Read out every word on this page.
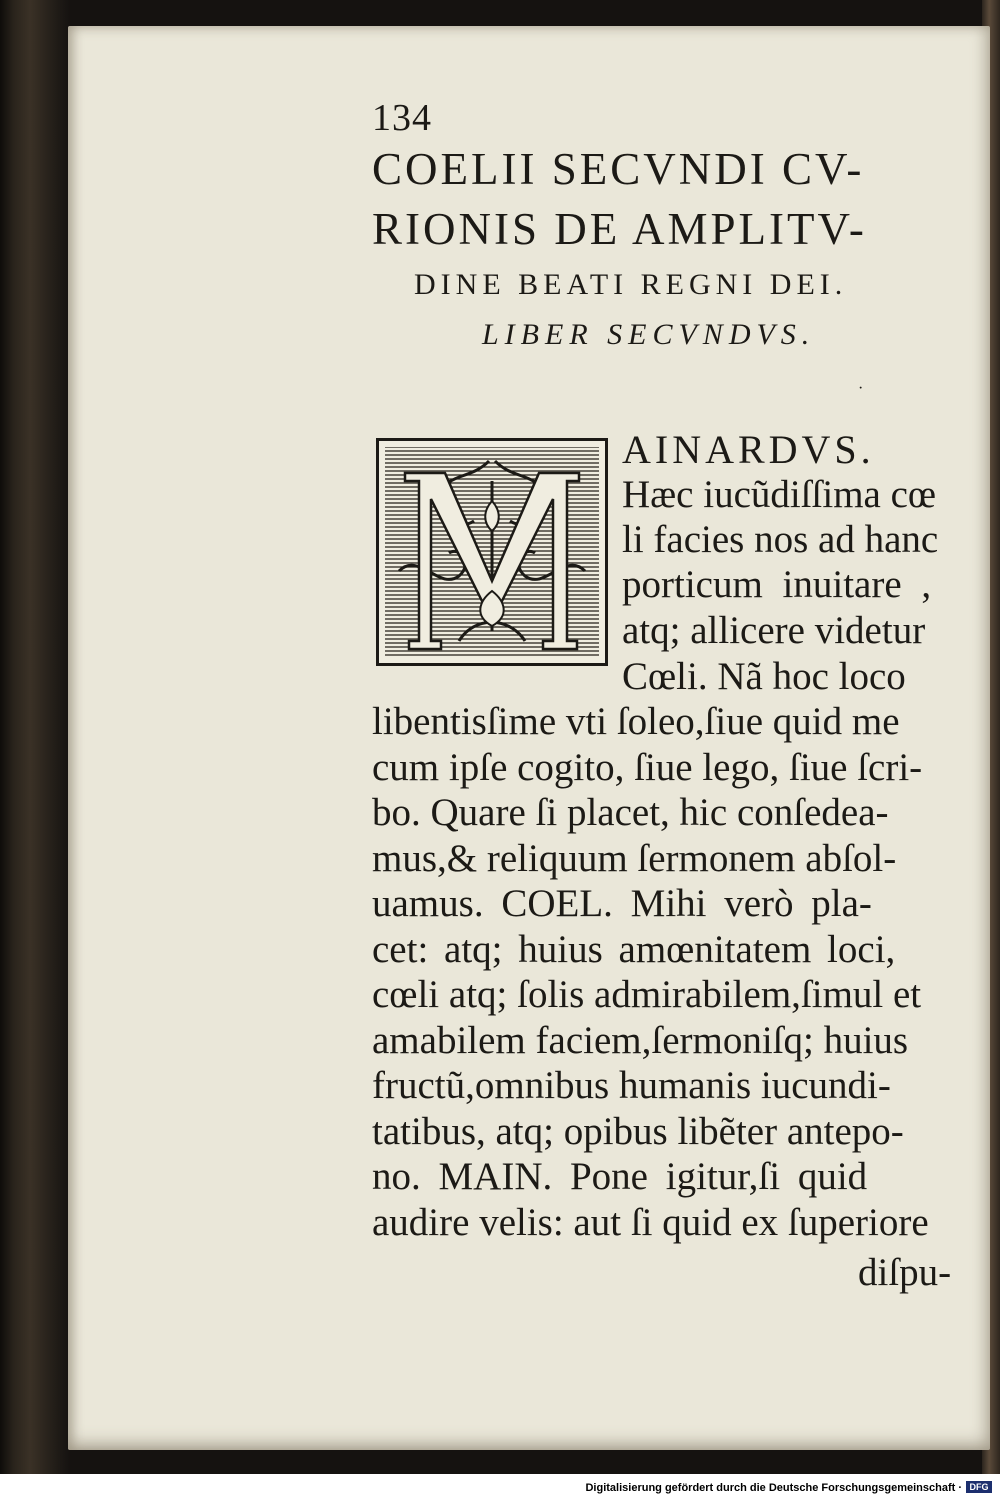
134
COELII SECVNDI CV-
RIONIS DE AMPLITV-
DINE BEATI REGNI DEI.
LIBER SECVNDVS.
·
AINARDVS.
Hæc iucũdiſſima cœ
li facies nos ad hanc
porticum inuitare ,
atq; allicere videtur
Cœli. Nã hoc loco
libentisſime vti ſoleo,ſiue quid me
cum ipſe cogito, ſiue lego, ſiue ſcri-
bo. Quare ſi placet, hic conſedea-
mus,& reliquum ſermonem abſol-
uamus. COEL. Mihi verò pla-
cet: atq; huius amœnitatem loci,
cœli atq; ſolis admirabilem,ſimul et
amabilem faciem,ſermoniſq; huius
fructũ,omnibus humanis iucundi-
tatibus, atq; opibus libẽter antepo-
no. MAIN. Pone igitur,ſi quid
audire velis: aut ſi quid ex ſuperiore
diſpu-
Digitalisierung gefördert durch die Deutsche Forschungsgemeinschaft · DFG
